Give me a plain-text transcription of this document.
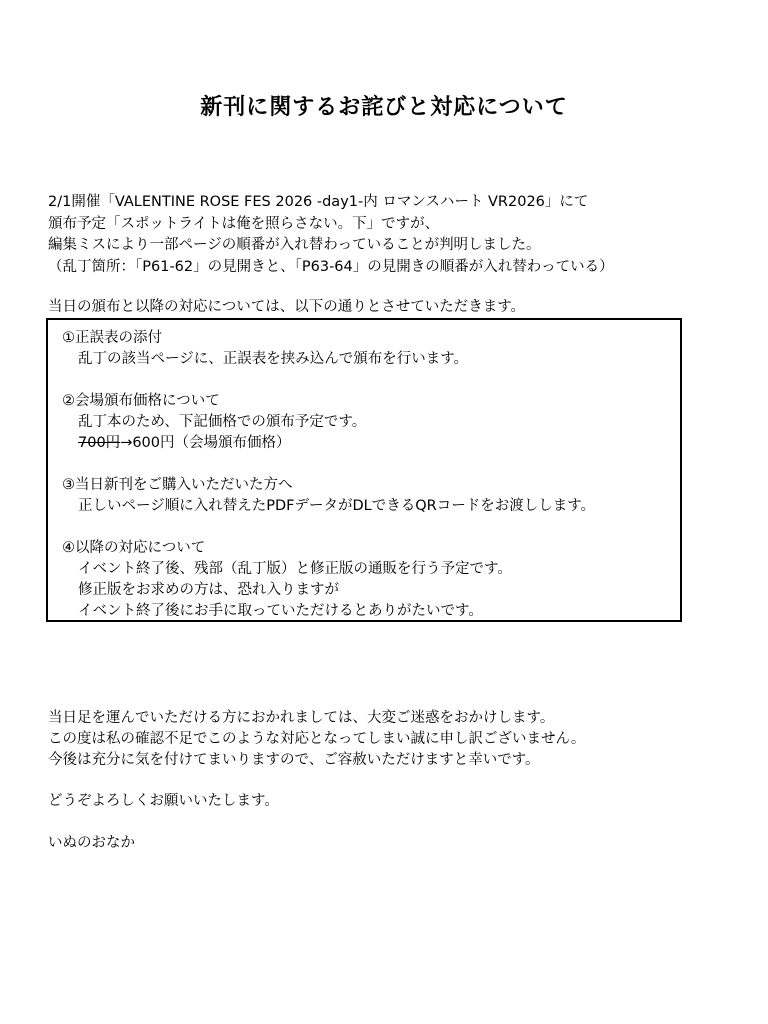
新刊に関するお詫びと対応について
2/1開催「VALENTINE ROSE FES 2026 -day1-内 ロマンスハート VR2026」にて
頒布予定「スポットライトは俺を照らさない。下」ですが、
編集ミスにより一部ページの順番が入れ替わっていることが判明しました。
（乱丁箇所：「P61-62」の見開きと、「P63-64」の見開きの順番が入れ替わっている）
当日の頒布と以降の対応については、以下の通りとさせていただきます。
①正誤表の添付
乱丁の該当ページに、正誤表を挟み込んで頒布を行います。
②会場頒布価格について
乱丁本のため、下記価格での頒布予定です。
700円→600円（会場頒布価格）
③当日新刊をご購入いただいた方へ
正しいページ順に入れ替えたPDFデータがDLできるQRコードをお渡しします。
④以降の対応について
イベント終了後、残部（乱丁版）と修正版の通販を行う予定です。
修正版をお求めの方は、恐れ入りますが
イベント終了後にお手に取っていただけるとありがたいです。
当日足を運んでいただける方におかれましては、大変ご迷惑をおかけします。
この度は私の確認不足でこのような対応となってしまい誠に申し訳ございません。
今後は充分に気を付けてまいりますので、ご容赦いただけますと幸いです。
どうぞよろしくお願いいたします。
いぬのおなか
